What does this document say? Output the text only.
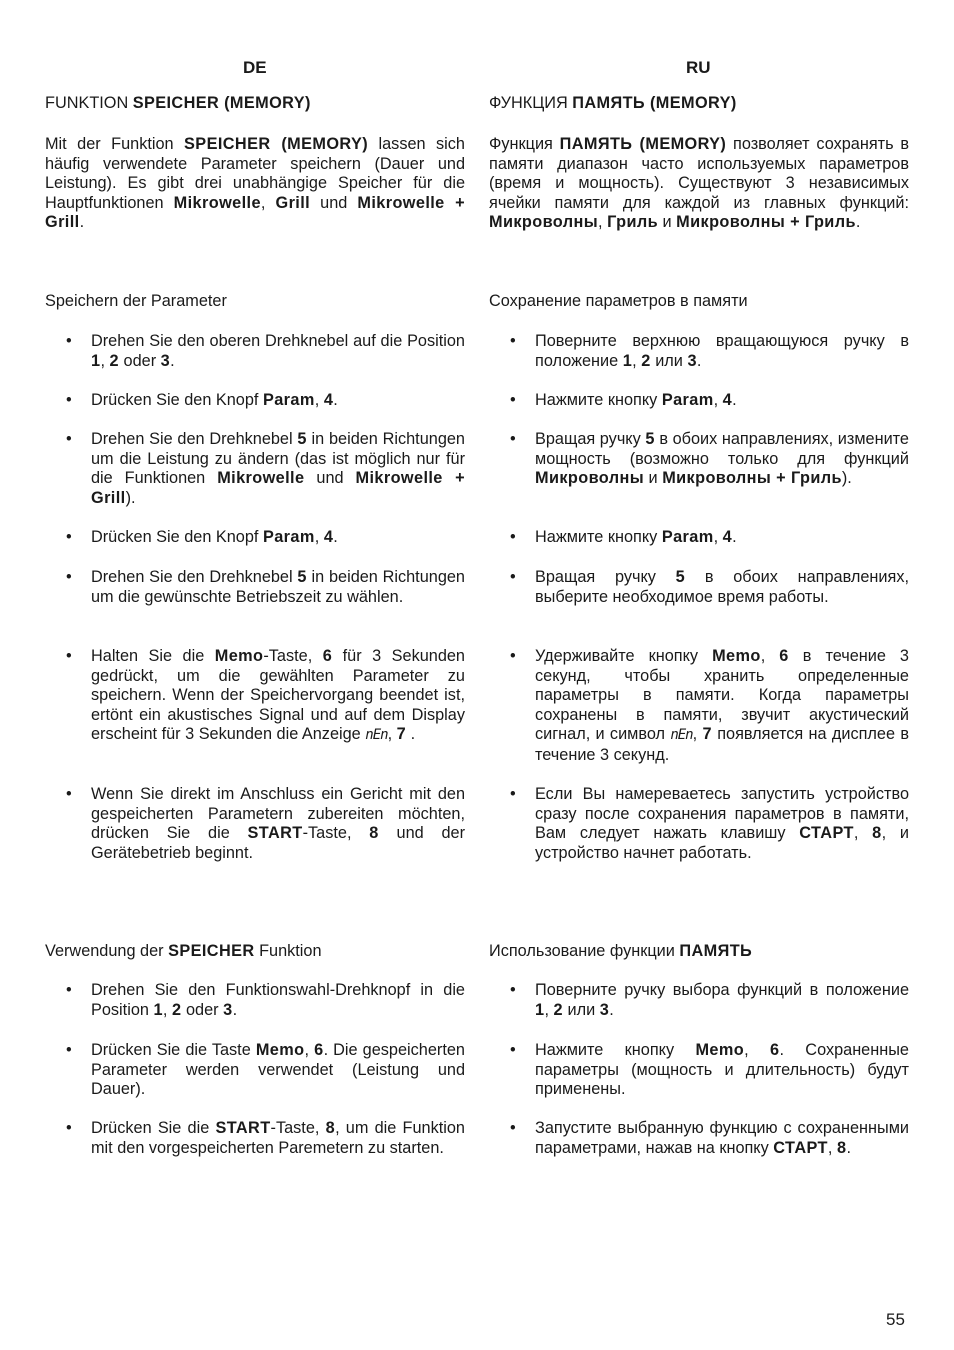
DE	RU
FUNKTION SPEICHER (MEMORY)
Mit der Funktion SPEICHER (MEMORY) lassen sich häufig verwendete Parameter speichern (Dauer und Leistung). Es gibt drei unabhängige Speicher für die Hauptfunktionen Mikrowelle, Grill und Mikrowelle + Grill.
Speichern der Parameter
• Drehen Sie den oberen Drehknebel auf die Position 1, 2 oder 3.
• Drücken Sie den Knopf Param, 4.
• Drehen Sie den Drehknebel 5 in beiden Richtungen um die Leistung zu ändern (das ist möglich nur für die Funktionen Mikrowelle und Mikrowelle + Grill).
• Drücken Sie den Knopf Param, 4.
• Drehen Sie den Drehknebel 5 in beiden Richtungen um die gewünschte Betriebszeit zu wählen.
• Halten Sie die Memo-Taste, 6 für 3 Sekunden gedrückt, um die gewählten Parameter zu speichern. Wenn der Speichervorgang beendet ist, ertönt ein akustisches Signal und auf dem Display erscheint für 3 Sekunden die Anzeige nEn, 7 .
• Wenn Sie direkt im Anschluss ein Gericht mit den gespeicherten Parametern zubereiten möchten, drücken Sie die START-Taste, 8 und der Gerätebetrieb beginnt.
Verwendung der SPEICHER Funktion
• Drehen Sie den Funktionswahl-Drehknopf in die Position 1, 2 oder 3.
• Drücken Sie die Taste Memo, 6. Die gespeicherten Parameter werden verwendet (Leistung und Dauer).
• Drücken Sie die START-Taste, 8, um die Funktion mit den vorgespeicherten Paremetern zu starten.
ФУНКЦИЯ ПАМЯТЬ (MEMORY)
Функция ПАМЯТЬ (MEMORY) позволяет сохранять в памяти диапазон часто используемых параметров (время и мощность). Существуют 3 независимых ячейки памяти для каждой из главных функций: Микроволны, Гриль и Микроволны + Гриль.
Сохранение параметров в памяти
• Поверните верхнюю вращающуюся ручку в положение 1, 2 или 3.
• Нажмите кнопку Param, 4.
• Вращая ручку 5 в обоих направлениях, измените мощность (возможно только для функций Микроволны и Микроволны + Гриль).
• Нажмите кнопку Param, 4.
• Вращая ручку 5 в обоих направлениях, выберите необходимое время работы.
• Удерживайте кнопку Memo, 6 в течение 3 секунд, чтобы хранить определенные параметры в памяти. Когда параметры сохранены в памяти, звучит акустический сигнал, и символ nEn, 7 появляется на дисплее в течение 3 секунд.
• Если Вы намереваетесь запустить устройство сразу после сохранения параметров в памяти, Вам следует нажать клавишу СТАРТ, 8, и устройство начнет работать.
Использование функции ПАМЯТЬ
• Поверните ручку выбора функций в положение 1, 2 или 3.
• Нажмите кнопку Memo, 6. Сохраненные параметры (мощность и длительность) будут применены.
• Запустите выбранную функцию с сохраненными параметрами, нажав на кнопку СТАРТ, 8.
55
